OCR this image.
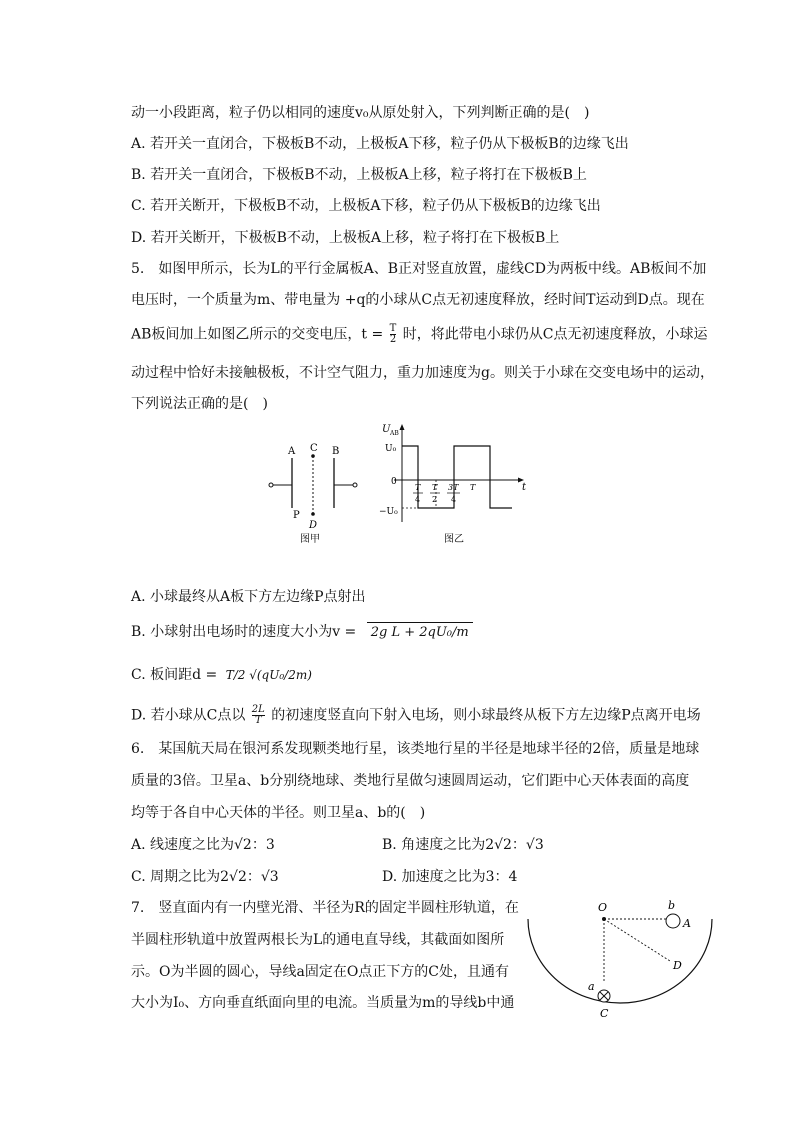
动一小段距离，粒子仍以相同的速度v₀从原处射入，下列判断正确的是(　)
A. 若开关一直闭合，下极板B不动，上极板A下移，粒子仍从下极板B的边缘飞出
B. 若开关一直闭合，下极板B不动，上极板A上移，粒子将打在下极板B上
C. 若开关断开，下极板B不动，上极板A下移，粒子仍从下极板B的边缘飞出
D. 若开关断开，下极板B不动，上极板A上移，粒子将打在下极板B上
5.　如图甲所示，长为L的平行金属板A、B正对竖直放置，虚线CD为两板中线。AB板间不加
电压时，一个质量为m、带电量为 +q的小球从C点无初速度释放，经时间T运动到D点。现在
AB板间加上如图乙所示的交变电压，$t = \frac{T}{2}$ 时，将此带电小球仍从C点无初速度释放，小球运
动过程中恰好未接触极板，不计空气阻力，重力加速度为g。则关于小球在交变电场中的运动，
下列说法正确的是(　)
A C B
P
D
图甲
U AB
U₀
0
−U₀
t
T
4
T
2
3T
4
T
图乙
A. 小球最终从A板下方左边缘P点射出
B. 小球射出电场时的速度大小为v = 2g L + 2qU₀/m
C. 板间距d = T/2 √(qU₀/2m)
D. 若小球从C点以 $\frac{2L}{T}$ 的初速度竖直向下射入电场，则小球最终从板下方左边缘P点离开电场
6.　某国航天局在银河系发现颗类地行星，该类地行星的半径是地球半径的2倍，质量是地球
质量的3倍。卫星a、b分别绕地球、类地行星做匀速圆周运动，它们距中心天体表面的高度
均等于各自中心天体的半径。则卫星a、b的(　)
A. 线速度之比为√2：3	B. 角速度之比为2√2：√3
C. 周期之比为2√2：√3	D. 加速度之比为3：4
7.　竖直面内有一内壁光滑、半径为R的固定半圆柱形轨道，在
半圆柱形轨道中放置两根长为L的通电直导线，其截面如图所
示。O为半圆的圆心，导线a固定在O点正下方的C处，且通有
大小为I₀、方向垂直纸面向里的电流。当质量为m的导线b中通
O	b
A
D
a
C
